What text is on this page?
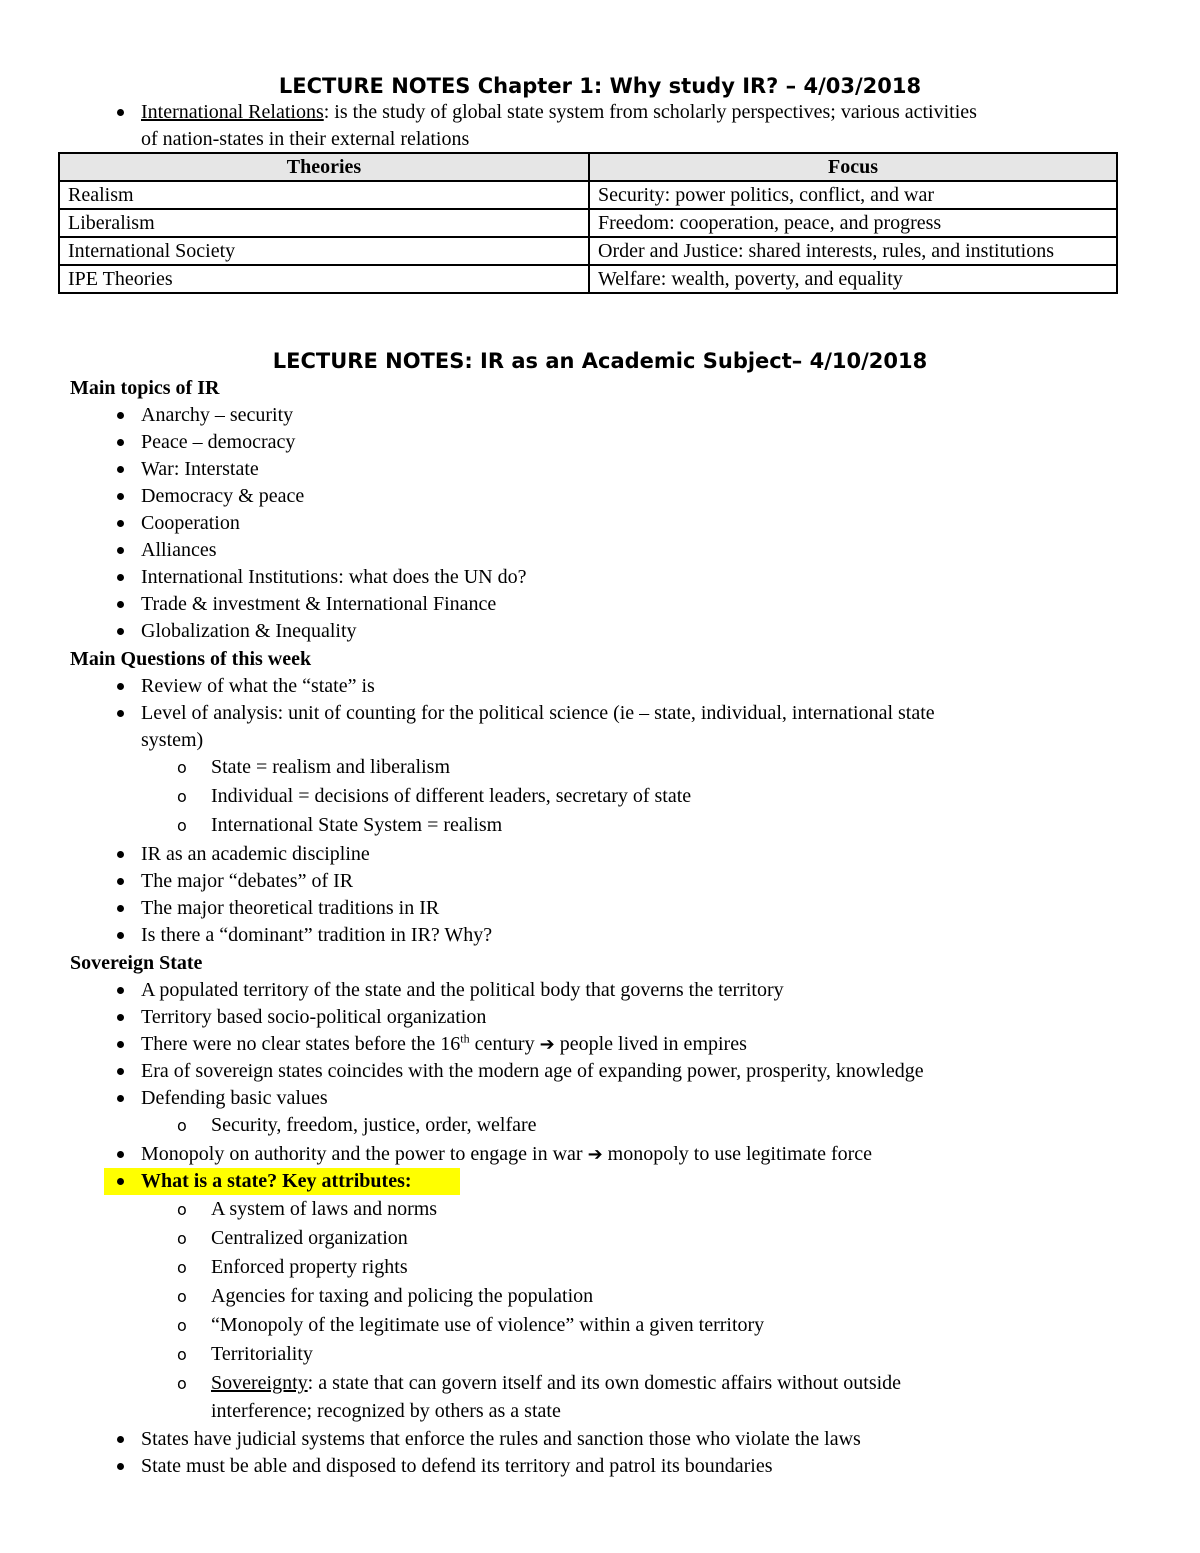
LECTURE NOTES Chapter 1: Why study IR? – 4/03/2018
International Relations: is the study of global state system from scholarly perspectives; various activities
of nation-states in their external relations
Theories	Focus
Realism	Security: power politics, conflict, and war
Liberalism	Freedom: cooperation, peace, and progress
International Society	Order and Justice: shared interests, rules, and institutions
IPE Theories	Welfare: wealth, poverty, and equality
LECTURE NOTES: IR as an Academic Subject– 4/10/2018
Main topics of IR
Anarchy – security
Peace – democracy
War: Interstate
Democracy & peace
Cooperation
Alliances
International Institutions: what does the UN do?
Trade & investment & International Finance
Globalization & Inequality
Main Questions of this week
Review of what the “state” is
Level of analysis: unit of counting for the political science (ie – state, individual, international state
system)
o State = realism and liberalism
o Individual = decisions of different leaders, secretary of state
o International State System = realism
IR as an academic discipline
The major “debates” of IR
The major theoretical traditions in IR
Is there a “dominant” tradition in IR? Why?
Sovereign State
A populated territory of the state and the political body that governs the territory
Territory based socio-political organization
There were no clear states before the 16th century ➔ people lived in empires
Era of sovereign states coincides with the modern age of expanding power, prosperity, knowledge
Defending basic values
o Security, freedom, justice, order, welfare
Monopoly on authority and the power to engage in war ➔ monopoly to use legitimate force
What is a state? Key attributes:
o A system of laws and norms
o Centralized organization
o Enforced property rights
o Agencies for taxing and policing the population
o “Monopoly of the legitimate use of violence” within a given territory
o Territoriality
o Sovereignty: a state that can govern itself and its own domestic affairs without outside
interference; recognized by others as a state
States have judicial systems that enforce the rules and sanction those who violate the laws
State must be able and disposed to defend its territory and patrol its boundaries
